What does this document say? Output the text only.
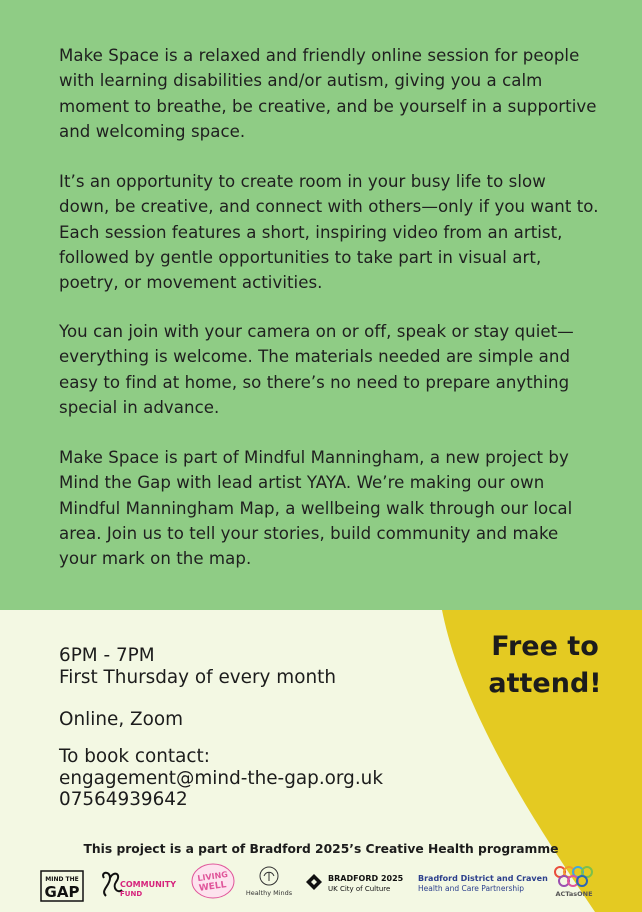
Make Space is a relaxed and friendly online session for people with learning disabilities and/or autism, giving you a calm moment to breathe, be creative, and be yourself in a supportive and welcoming space.

It’s an opportunity to create room in your busy life to slow down, be creative, and connect with others—only if you want to. Each session features a short, inspiring video from an artist, followed by gentle opportunities to take part in visual art, poetry, or movement activities.

You can join with your camera on or off, speak or stay quiet—everything is welcome. The materials needed are simple and easy to find at home, so there’s no need to prepare anything special in advance.

Make Space is part of Mindful Manningham, a new project by Mind the Gap with lead artist YAYA. We’re making our own Mindful Manningham Map, a wellbeing walk through our local area. Join us to tell your stories, build community and make your mark on the map.

Free to
attend!
6PM - 7PM
First Thursday of every month
Online, Zoom
To book contact:
engagement@mind-the-gap.org.uk
07564939642
This project is a part of Bradford 2025’s Creative Health programme
MIND THE
GAP	COMMUNITY
FUND
LIVING
WELL	Healthy Minds
BRADFORD 2025
UK City of Culture
Bradford District and Craven
Health and Care Partnership
ACTasONE
